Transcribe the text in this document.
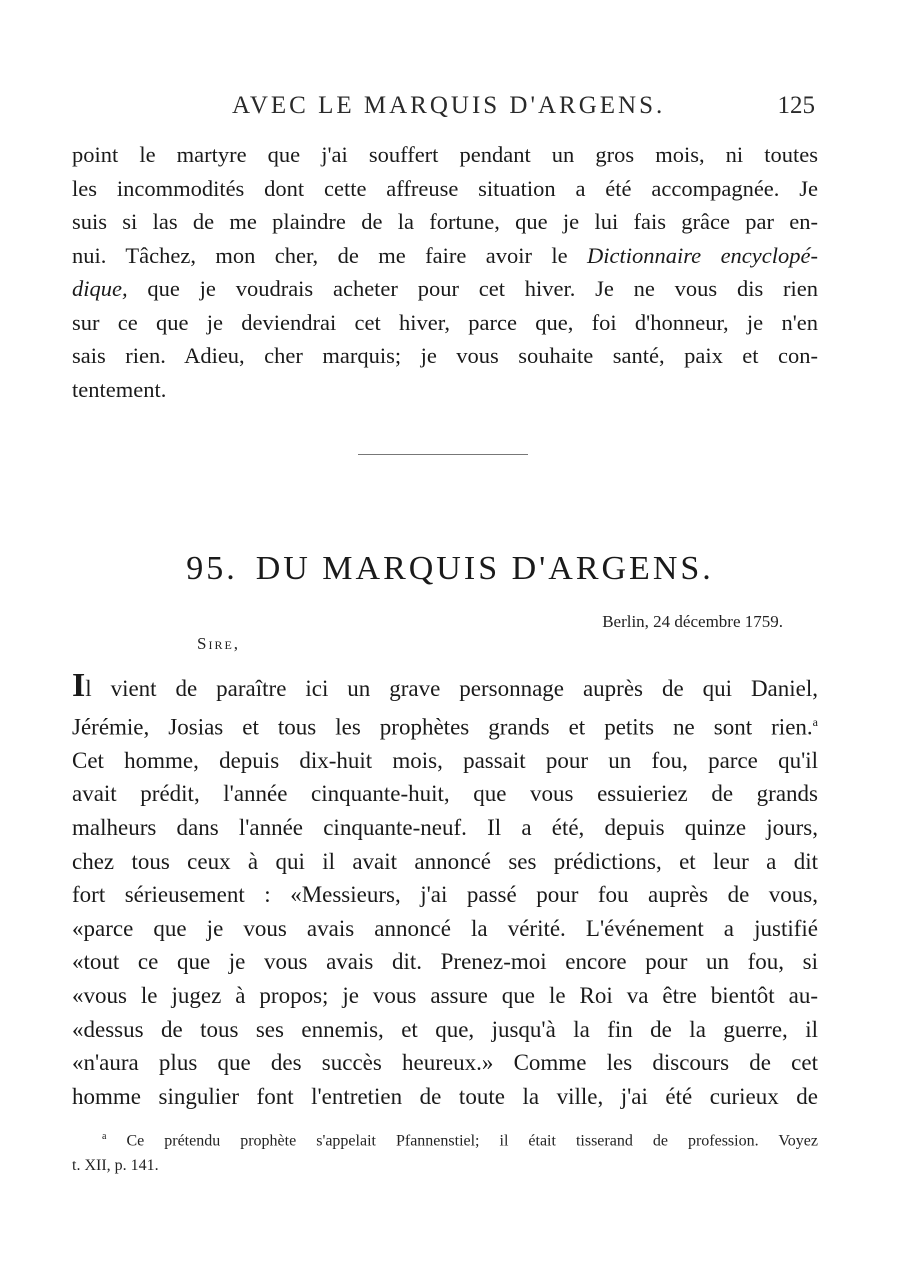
AVEC LE MARQUIS D'ARGENS.	125
point le martyre que j'ai souffert pendant un gros mois, ni toutes
les incommodités dont cette affreuse situation a été accompagnée. Je
suis si las de me plaindre de la fortune, que je lui fais grâce par en-
nui. Tâchez, mon cher, de me faire avoir le Dictionnaire encyclopé-
dique, que je voudrais acheter pour cet hiver. Je ne vous dis rien
sur ce que je deviendrai cet hiver, parce que, foi d'honneur, je n'en
sais rien. Adieu, cher marquis; je vous souhaite santé, paix et con-
tentement.
95. DU MARQUIS D'ARGENS.
Berlin, 24 décembre 1759.
Sire,
Il vient de paraître ici un grave personnage auprès de qui Daniel,
Jérémie, Josias et tous les prophètes grands et petits ne sont rien.$^a$
Cet homme, depuis dix-huit mois, passait pour un fou, parce qu'il
avait prédit, l'année cinquante-huit, que vous essuieriez de grands
malheurs dans l'année cinquante-neuf. Il a été, depuis quinze jours,
chez tous ceux à qui il avait annoncé ses prédictions, et leur a dit
fort sérieusement : «Messieurs, j'ai passé pour fou auprès de vous,
«parce que je vous avais annoncé la vérité. L'événement a justifié
«tout ce que je vous avais dit. Prenez-moi encore pour un fou, si
«vous le jugez à propos; je vous assure que le Roi va être bientôt au-
«dessus de tous ses ennemis, et que, jusqu'à la fin de la guerre, il
«n'aura plus que des succès heureux.» Comme les discours de cet
homme singulier font l'entretien de toute la ville, j'ai été curieux de
$^a$ Ce prétendu prophète s'appelait Pfannenstiel; il était tisserand de profession. Voyez
t. XII, p. 141.
